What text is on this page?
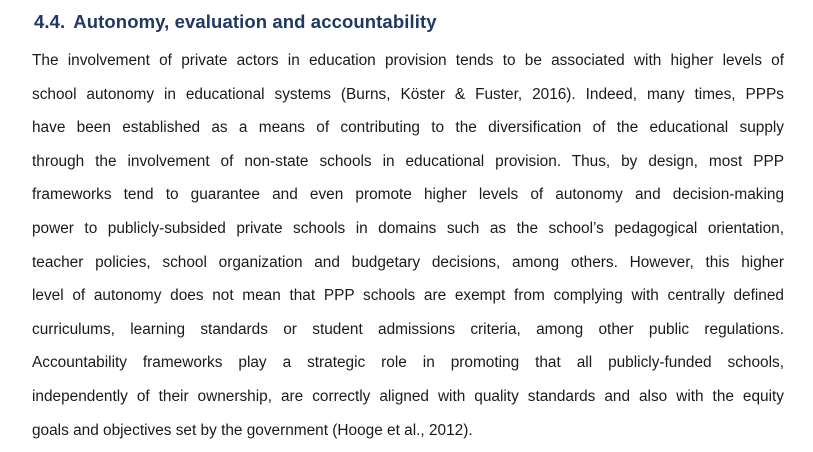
4.4. Autonomy, evaluation and accountability
The involvement of private actors in education provision tends to be associated with higher levels of
school autonomy in educational systems (Burns, Köster & Fuster, 2016). Indeed, many times, PPPs
have been established as a means of contributing to the diversification of the educational supply
through the involvement of non-state schools in educational provision. Thus, by design, most PPP
frameworks tend to guarantee and even promote higher levels of autonomy and decision-making
power to publicly-subsided private schools in domains such as the school’s pedagogical orientation,
teacher policies, school organization and budgetary decisions, among others. However, this higher
level of autonomy does not mean that PPP schools are exempt from complying with centrally defined
curriculums, learning standards or student admissions criteria, among other public regulations.
Accountability frameworks play a strategic role in promoting that all publicly-funded schools,
independently of their ownership, are correctly aligned with quality standards and also with the equity
goals and objectives set by the government (Hooge et al., 2012).
